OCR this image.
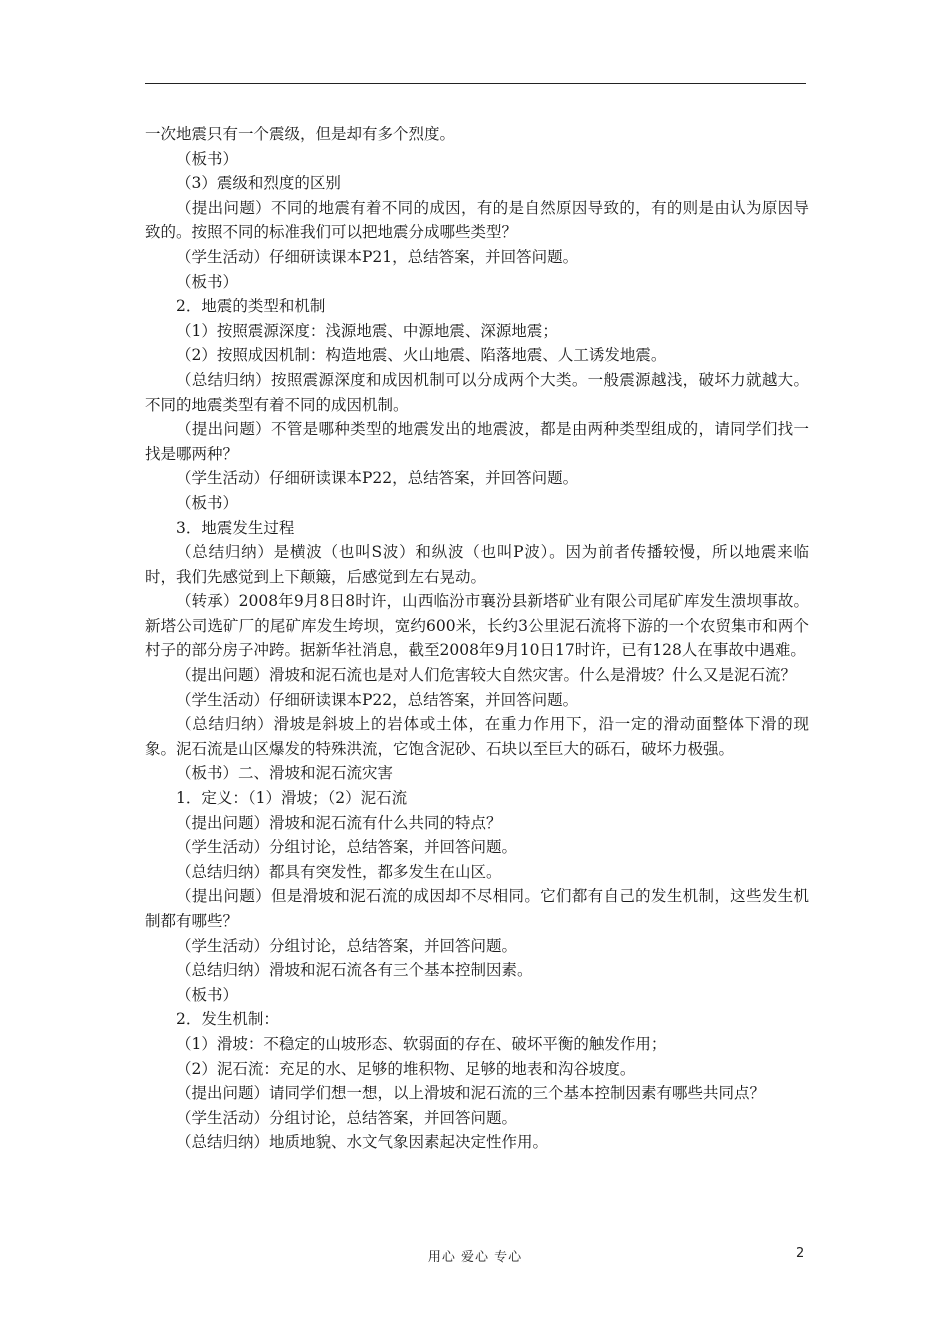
一次地震只有一个震级，但是却有多个烈度。

（板书）

（3）震级和烈度的区别

（提出问题）不同的地震有着不同的成因，有的是自然原因导致的，有的则是由认为原因导致的。按照不同的标准我们可以把地震分成哪些类型？

（学生活动）仔细研读课本P21，总结答案，并回答问题。

（板书）

2．地震的类型和机制

（1）按照震源深度：浅源地震、中源地震、深源地震；

（2）按照成因机制：构造地震、火山地震、陷落地震、人工诱发地震。

（总结归纳）按照震源深度和成因机制可以分成两个大类。一般震源越浅，破坏力就越大。不同的地震类型有着不同的成因机制。

（提出问题）不管是哪种类型的地震发出的地震波，都是由两种类型组成的，请同学们找一找是哪两种？

（学生活动）仔细研读课本P22，总结答案，并回答问题。

（板书）

3．地震发生过程

（总结归纳）是横波（也叫S波）和纵波（也叫P波）。因为前者传播较慢，所以地震来临时，我们先感觉到上下颠簸，后感觉到左右晃动。

（转承）2008年9月8日8时许，山西临汾市襄汾县新塔矿业有限公司尾矿库发生溃坝事故。新塔公司选矿厂的尾矿库发生垮坝，宽约600米，长约3公里泥石流将下游的一个农贸集市和两个村子的部分房子冲跨。据新华社消息，截至2008年9月10日17时许，已有128人在事故中遇难。

（提出问题）滑坡和泥石流也是对人们危害较大自然灾害。什么是滑坡？什么又是泥石流？

（学生活动）仔细研读课本P22，总结答案，并回答问题。

（总结归纳）滑坡是斜坡上的岩体或土体，在重力作用下，沿一定的滑动面整体下滑的现象。泥石流是山区爆发的特殊洪流，它饱含泥砂、石块以至巨大的砾石，破坏力极强。

（板书）二、滑坡和泥石流灾害

1．定义：（1）滑坡；（2）泥石流

（提出问题）滑坡和泥石流有什么共同的特点？

（学生活动）分组讨论，总结答案，并回答问题。

（总结归纳）都具有突发性，都多发生在山区。

（提出问题）但是滑坡和泥石流的成因却不尽相同。它们都有自己的发生机制，这些发生机制都有哪些？

（学生活动）分组讨论，总结答案，并回答问题。

（总结归纳）滑坡和泥石流各有三个基本控制因素。

（板书）

2．发生机制：

（1）滑坡：不稳定的山坡形态、软弱面的存在、破坏平衡的触发作用；

（2）泥石流：充足的水、足够的堆积物、足够的地表和沟谷坡度。

（提出问题）请同学们想一想，以上滑坡和泥石流的三个基本控制因素有哪些共同点？

（学生活动）分组讨论，总结答案，并回答问题。

（总结归纳）地质地貌、水文气象因素起决定性作用。

用心 爱心 专心	2
